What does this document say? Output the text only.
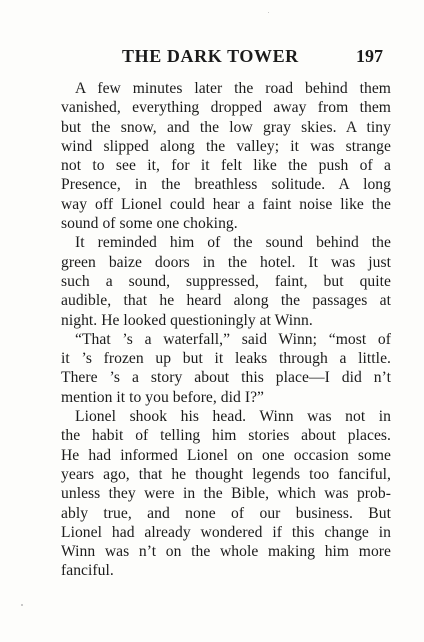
THE DARK TOWER	197
A few minutes later the road behind them
vanished, everything dropped away from them
but the snow, and the low gray skies. A tiny
wind slipped along the valley; it was strange
not to see it, for it felt like the push of a
Presence, in the breathless solitude. A long
way off Lionel could hear a faint noise like the
sound of some one choking.
It reminded him of the sound behind the
green baize doors in the hotel. It was just
such a sound, suppressed, faint, but quite
audible, that he heard along the passages at
night. He looked questioningly at Winn.
“That ’s a waterfall,” said Winn; “most of
it ’s frozen up but it leaks through a little.
There ’s a story about this place—I did n’t
mention it to you before, did I?”
Lionel shook his head. Winn was not in
the habit of telling him stories about places.
He had informed Lionel on one occasion some
years ago, that he thought legends too fanciful,
unless they were in the Bible, which was prob-
ably true, and none of our business. But
Lionel had already wondered if this change in
Winn was n’t on the whole making him more
fanciful.
